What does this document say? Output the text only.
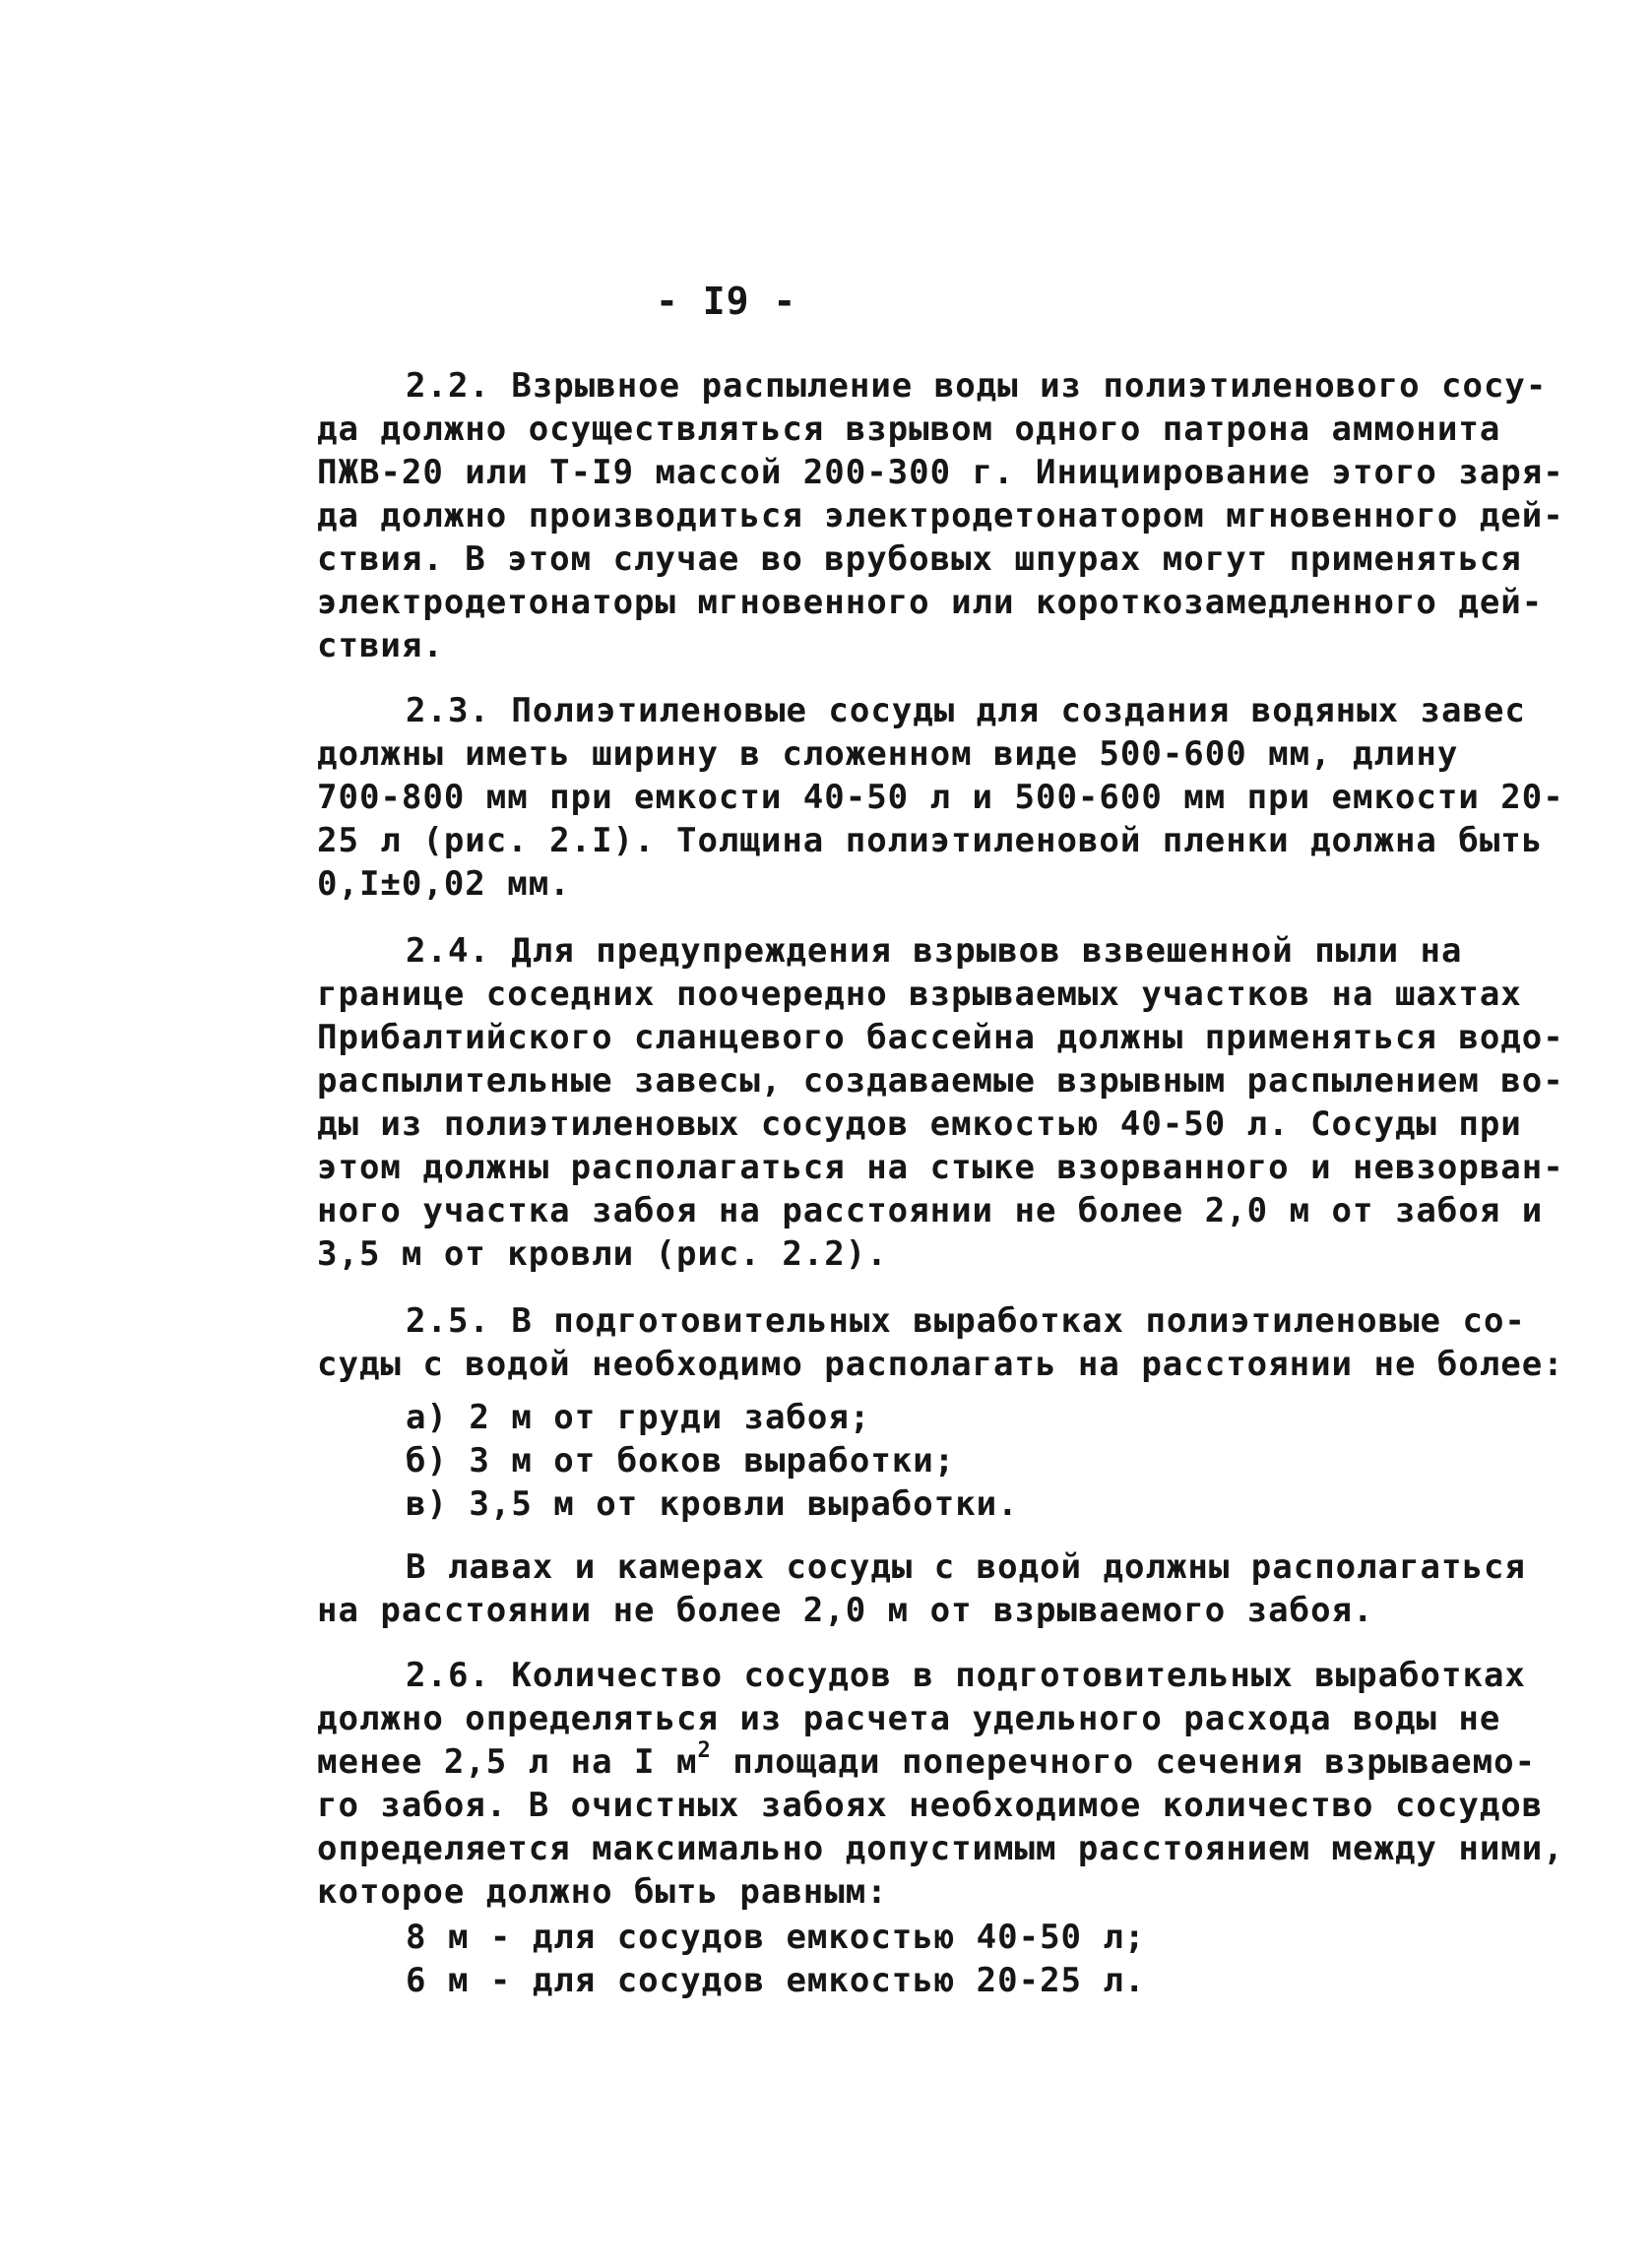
- I9 -
2.2. Взрывное распыление воды из полиэтиленового сосу-
да должно осуществляться взрывом одного патрона аммонита
ПЖВ-20 или Т-I9 массой 200-300 г. Инициирование этого заря-
да должно производиться электродетонатором мгновенного дей-
ствия. В этом случае во врубовых шпурах могут применяться
электродетонаторы мгновенного или короткозамедленного дей-
ствия.
2.3. Полиэтиленовые сосуды для создания водяных завес
должны иметь ширину в сложенном виде 500-600 мм, длину
700-800 мм при емкости 40-50 л и 500-600 мм при емкости 20-
25 л (рис. 2.I). Толщина полиэтиленовой пленки должна быть
0,I±0,02 мм.
2.4. Для предупреждения взрывов взвешенной пыли на
границе соседних поочередно взрываемых участков на шахтах
Прибалтийского сланцевого бассейна должны применяться водо-
распылительные завесы, создаваемые взрывным распылением во-
ды из полиэтиленовых сосудов емкостью 40-50 л. Сосуды при
этом должны располагаться на стыке взорванного и невзорван-
ного участка забоя на расстоянии не более 2,0 м от забоя и
3,5 м от кровли (рис. 2.2).
2.5. В подготовительных выработках полиэтиленовые со-
суды с водой необходимо располагать на расстоянии не более:
а) 2 м от груди забоя;
б) 3 м от боков выработки;
в) 3,5 м от кровли выработки.
В лавах и камерах сосуды с водой должны располагаться
на расстоянии не более 2,0 м от взрываемого забоя.
2.6. Количество сосудов в подготовительных выработках
должно определяться из расчета удельного расхода воды не
менее 2,5 л на I $м^2$ площади поперечного сечения взрываемо-
го забоя. В очистных забоях необходимое количество сосудов
определяется максимально допустимым расстоянием между ними,
которое должно быть равным:
8 м - для сосудов емкостью 40-50 л;
6 м - для сосудов емкостью 20-25 л.
